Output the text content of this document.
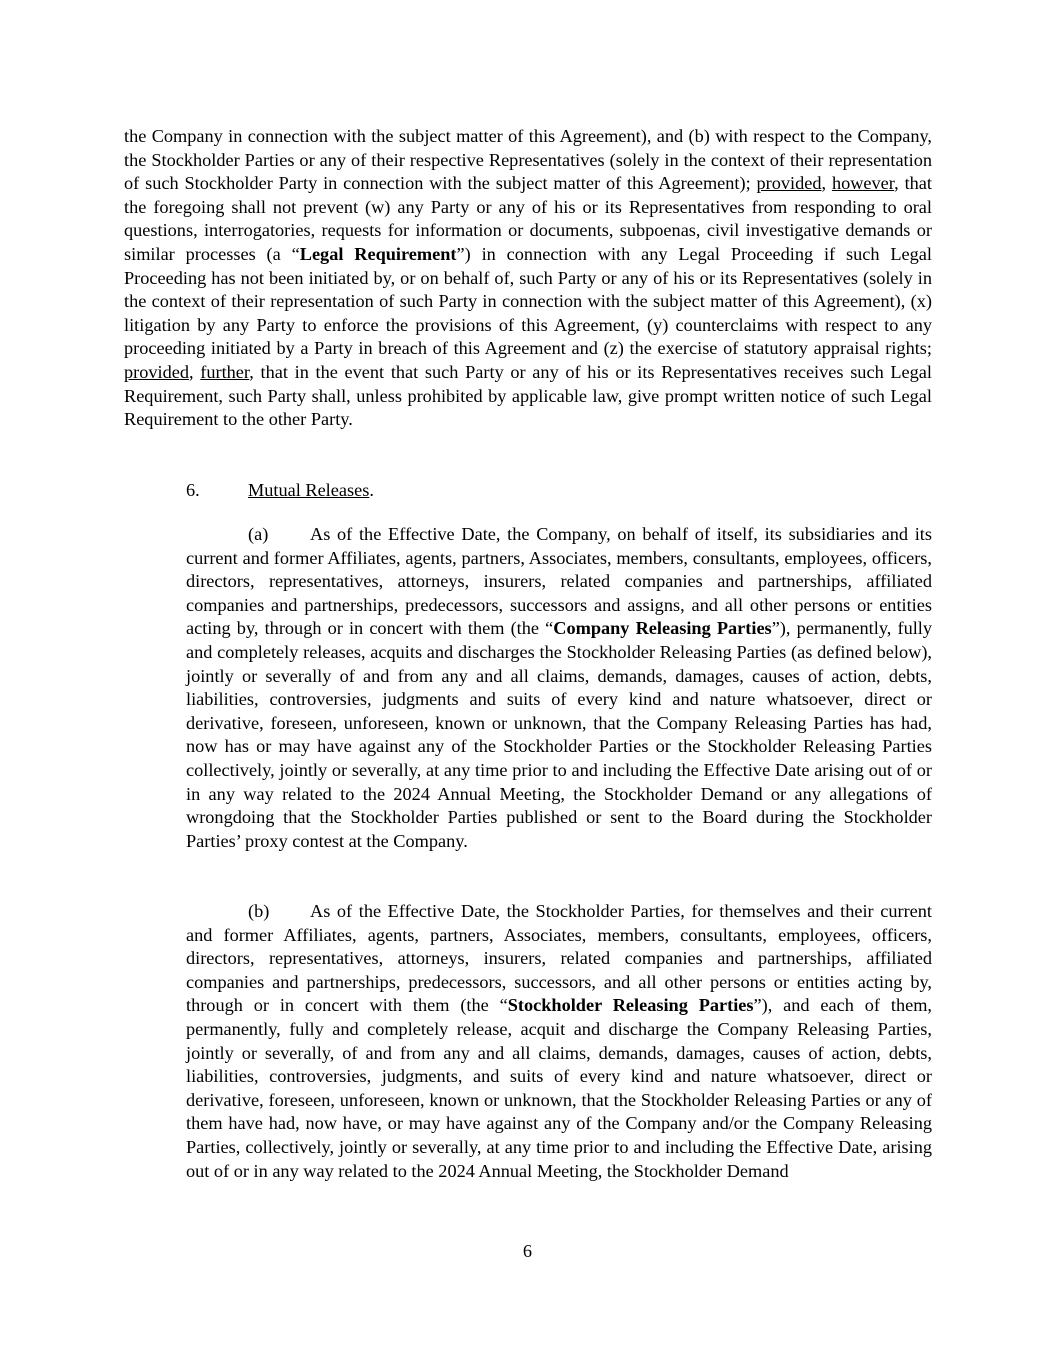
the Company in connection with the subject matter of this Agreement), and (b) with respect to the Company, the Stockholder Parties or any of their respective Representatives (solely in the context of their representation of such Stockholder Party in connection with the subject matter of this Agreement); provided, however, that the foregoing shall not prevent (w) any Party or any of his or its Representatives from responding to oral questions, interrogatories, requests for information or documents, subpoenas, civil investigative demands or similar processes (a “Legal Requirement”) in connection with any Legal Proceeding if such Legal Proceeding has not been initiated by, or on behalf of, such Party or any of his or its Representatives (solely in the context of their representation of such Party in connection with the subject matter of this Agreement), (x) litigation by any Party to enforce the provisions of this Agreement, (y) counterclaims with respect to any proceeding initiated by a Party in breach of this Agreement and (z) the exercise of statutory appraisal rights; provided, further, that in the event that such Party or any of his or its Representatives receives such Legal Requirement, such Party shall, unless prohibited by applicable law, give prompt written notice of such Legal Requirement to the other Party.

6.	Mutual Releases.

(a) As of the Effective Date, the Company, on behalf of itself, its subsidiaries and its current and former Affiliates, agents, partners, Associates, members, consultants, employees, officers, directors, representatives, attorneys, insurers, related companies and partnerships, affiliated companies and partnerships, predecessors, successors and assigns, and all other persons or entities acting by, through or in concert with them (the “Company Releasing Parties”), permanently, fully and completely releases, acquits and discharges the Stockholder Releasing Parties (as defined below), jointly or severally of and from any and all claims, demands, damages, causes of action, debts, liabilities, controversies, judgments and suits of every kind and nature whatsoever, direct or derivative, foreseen, unforeseen, known or unknown, that the Company Releasing Parties has had, now has or may have against any of the Stockholder Parties or the Stockholder Releasing Parties collectively, jointly or severally, at any time prior to and including the Effective Date arising out of or in any way related to the 2024 Annual Meeting, the Stockholder Demand or any allegations of wrongdoing that the Stockholder Parties published or sent to the Board during the Stockholder Parties’ proxy contest at the Company.

(b) As of the Effective Date, the Stockholder Parties, for themselves and their current and former Affiliates, agents, partners, Associates, members, consultants, employees, officers, directors, representatives, attorneys, insurers, related companies and partnerships, affiliated companies and partnerships, predecessors, successors, and all other persons or entities acting by, through or in concert with them (the “Stockholder Releasing Parties”), and each of them, permanently, fully and completely release, acquit and discharge the Company Releasing Parties, jointly or severally, of and from any and all claims, demands, damages, causes of action, debts, liabilities, controversies, judgments, and suits of every kind and nature whatsoever, direct or derivative, foreseen, unforeseen, known or unknown, that the Stockholder Releasing Parties or any of them have had, now have, or may have against any of the Company and/or the Company Releasing Parties, collectively, jointly or severally, at any time prior to and including the Effective Date, arising out of or in any way related to the 2024 Annual Meeting, the Stockholder Demand

6
